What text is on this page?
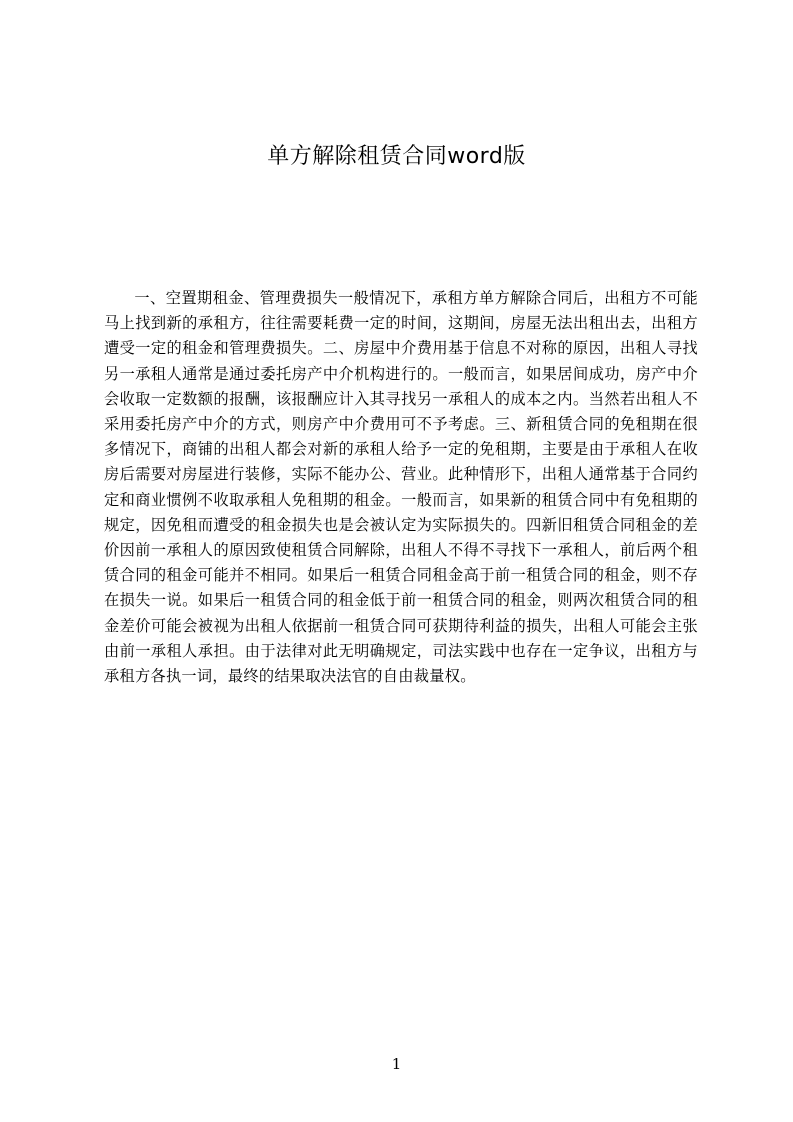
单方解除租赁合同word版

一、空置期租金、管理费损失一般情况下，承租方单方解除合同后，出租方不可能马上找到新的承租方，往往需要耗费一定的时间，这期间，房屋无法出租出去，出租方遭受一定的租金和管理费损失。二、房屋中介费用基于信息不对称的原因，出租人寻找另一承租人通常是通过委托房产中介机构进行的。一般而言，如果居间成功，房产中介会收取一定数额的报酬，该报酬应计入其寻找另一承租人的成本之内。当然若出租人不采用委托房产中介的方式，则房产中介费用可不予考虑。三、新租赁合同的免租期在很多情况下，商铺的出租人都会对新的承租人给予一定的免租期，主要是由于承租人在收房后需要对房屋进行装修，实际不能办公、营业。此种情形下，出租人通常基于合同约定和商业惯例不收取承租人免租期的租金。一般而言，如果新的租赁合同中有免租期的规定，因免租而遭受的租金损失也是会被认定为实际损失的。四新旧租赁合同租金的差价因前一承租人的原因致使租赁合同解除，出租人不得不寻找下一承租人，前后两个租赁合同的租金可能并不相同。如果后一租赁合同租金高于前一租赁合同的租金，则不存在损失一说。如果后一租赁合同的租金低于前一租赁合同的租金，则两次租赁合同的租金差价可能会被视为出租人依据前一租赁合同可获期待利益的损失，出租人可能会主张由前一承租人承担。由于法律对此无明确规定，司法实践中也存在一定争议，出租方与承租方各执一词，最终的结果取决法官的自由裁量权。

1
